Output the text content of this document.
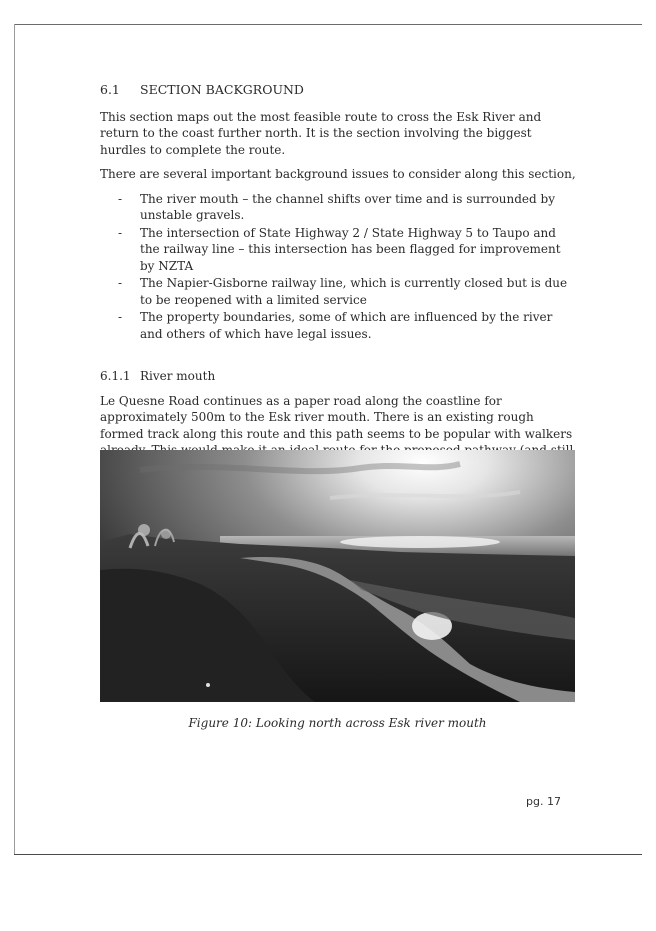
6.1	SECTION BACKGROUND

This section maps out the most feasible route to cross the Esk River and return to the coast further north. It is the section involving the biggest hurdles to complete the route.

There are several important background issues to consider along this section,

-	The river mouth – the channel shifts over time and is surrounded by unstable gravels.
-	The intersection of State Highway 2 / State Highway 5 to Taupo and the railway line – this intersection has been flagged for improvement by NZTA
-	The Napier-Gisborne railway line, which is currently closed but is due to be reopened with a limited service
-	The property boundaries, some of which are influenced by the river and others of which have legal issues.
6.1.1 River mouth

Le Quesne Road continues as a paper road along the coastline for approximately 500m to the Esk river mouth. There is an existing rough formed track along this route and this path seems to be popular with walkers

Figure 10: Looking north across Esk river mouth
pg. 17
